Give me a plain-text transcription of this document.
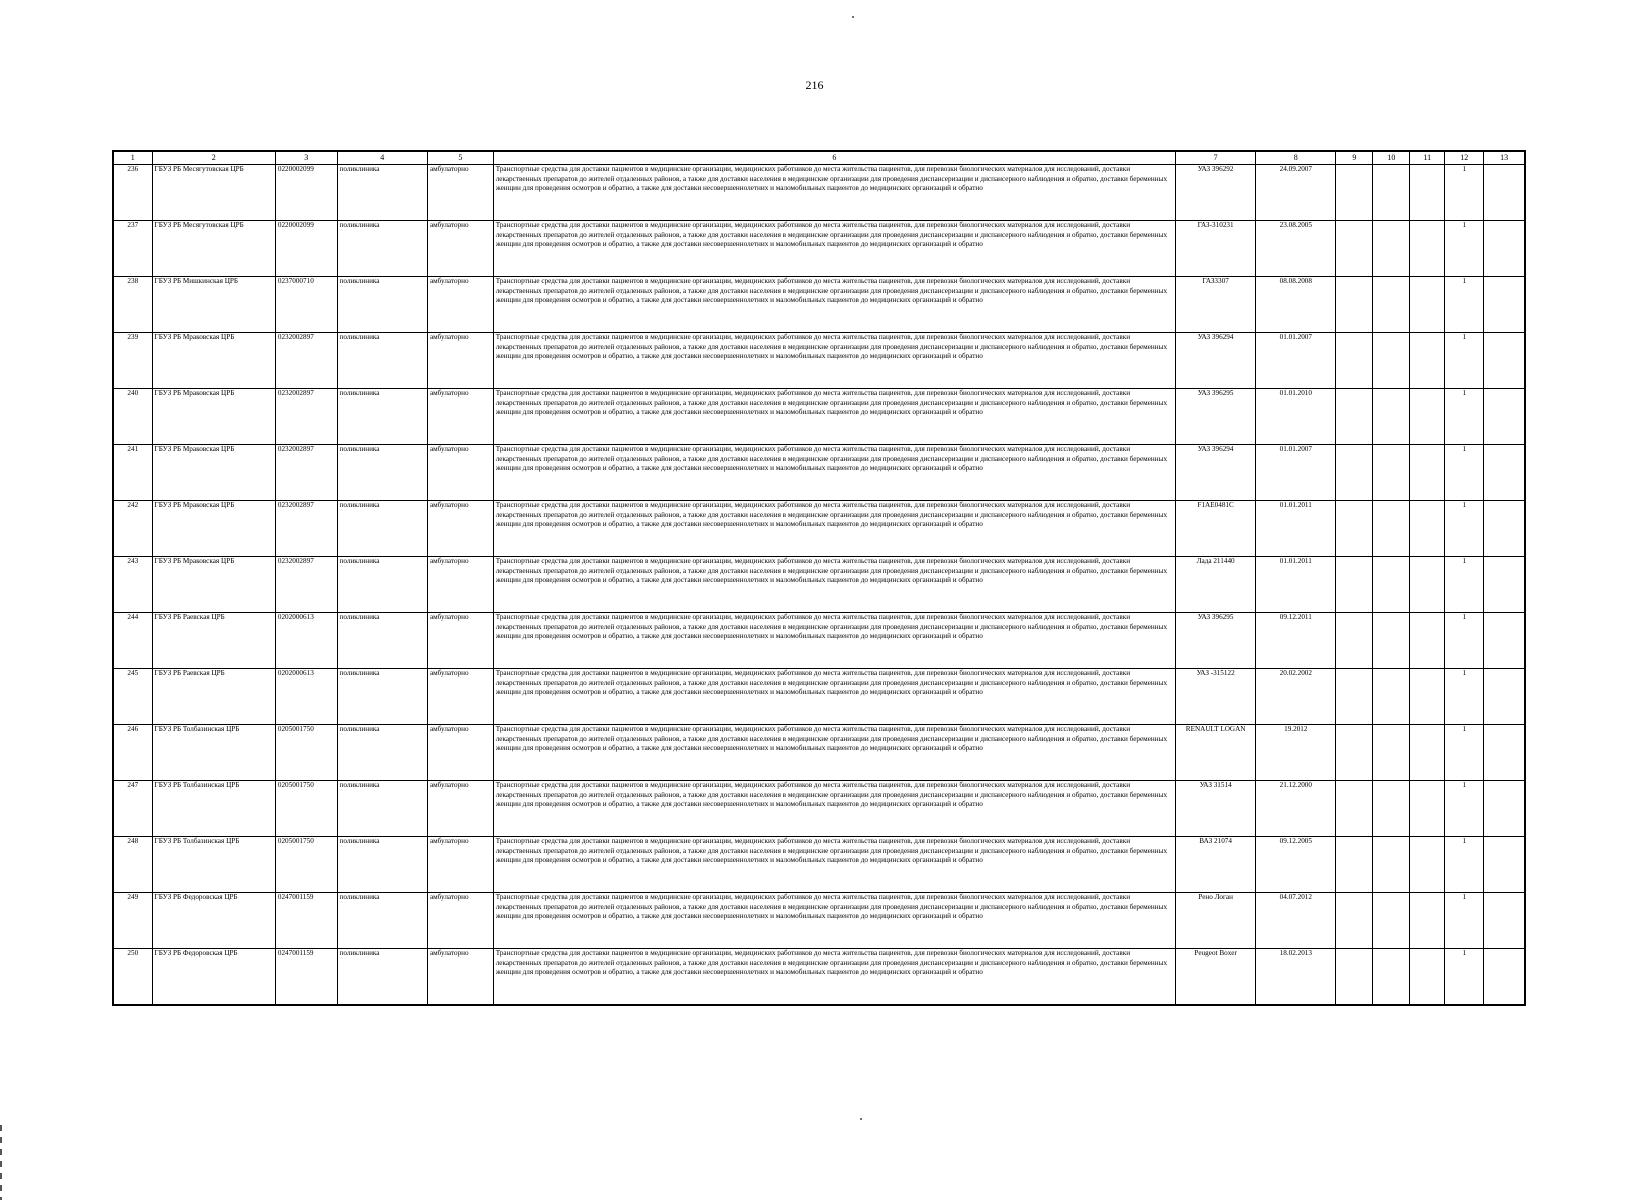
216
1	2	3	4	5	6	7	8	9	10	11	12	13
236	ГБУЗ РБ Месягутовская ЦРБ	0220002099	поликлиника	амбулаторно	Транспортные средства для доставки пациентов в медицинские организации, медицинских работников до места жительства пациентов, для перевозки биологических материалов для исследований, доставки лекарственных препаратов до жителей отдаленных районов, а также для доставки населения в медицинские организации для проведения диспансеризации и диспансерного наблюдения и обратно, доставки беременных женщин для проведения осмотров и обратно, а также для доставки несовершеннолетних и маломобильных пациентов до медицинских организаций и обратно	УАЗ 396292	24.09.2007				1	
237	ГБУЗ РБ Месягутовская ЦРБ	0220002099	поликлиника	амбулаторно	Транспортные средства для доставки пациентов в медицинские организации, медицинских работников до места жительства пациентов, для перевозки биологических материалов для исследований, доставки лекарственных препаратов до жителей отдаленных районов, а также для доставки населения в медицинские организации для проведения диспансеризации и диспансерного наблюдения и обратно, доставки беременных женщин для проведения осмотров и обратно, а также для доставки несовершеннолетних и маломобильных пациентов до медицинских организаций и обратно	ГАЗ-310231	23.08.2005				1	
238	ГБУЗ РБ Мишкинская ЦРБ	0237000710	поликлиника	амбулаторно	Транспортные средства для доставки пациентов в медицинские организации, медицинских работников до места жительства пациентов, для перевозки биологических материалов для исследований, доставки лекарственных препаратов до жителей отдаленных районов, а также для доставки населения в медицинские организации для проведения диспансеризации и диспансерного наблюдения и обратно, доставки беременных женщин для проведения осмотров и обратно, а также для доставки несовершеннолетних и маломобильных пациентов до медицинских организаций и обратно	ГАЗ3307	08.08.2008				1	
239	ГБУЗ РБ Мраковская ЦРБ	0232002897	поликлиника	амбулаторно	Транспортные средства для доставки пациентов в медицинские организации, медицинских работников до места жительства пациентов, для перевозки биологических материалов для исследований, доставки лекарственных препаратов до жителей отдаленных районов, а также для доставки населения в медицинские организации для проведения диспансеризации и диспансерного наблюдения и обратно, доставки беременных женщин для проведения осмотров и обратно, а также для доставки несовершеннолетних и маломобильных пациентов до медицинских организаций и обратно	УАЗ 396294	01.01.2007				1	
240	ГБУЗ РБ Мраковская ЦРБ	0232002897	поликлиника	амбулаторно	Транспортные средства для доставки пациентов в медицинские организации, медицинских работников до места жительства пациентов, для перевозки биологических материалов для исследований, доставки лекарственных препаратов до жителей отдаленных районов, а также для доставки населения в медицинские организации для проведения диспансеризации и диспансерного наблюдения и обратно, доставки беременных женщин для проведения осмотров и обратно, а также для доставки несовершеннолетних и маломобильных пациентов до медицинских организаций и обратно	УАЗ 396295	01.01.2010				1	
241	ГБУЗ РБ Мраковская ЦРБ	0232002897	поликлиника	амбулаторно	Транспортные средства для доставки пациентов в медицинские организации, медицинских работников до места жительства пациентов, для перевозки биологических материалов для исследований, доставки лекарственных препаратов до жителей отдаленных районов, а также для доставки населения в медицинские организации для проведения диспансеризации и диспансерного наблюдения и обратно, доставки беременных женщин для проведения осмотров и обратно, а также для доставки несовершеннолетних и маломобильных пациентов до медицинских организаций и обратно	УАЗ 396294	01.01.2007				1	
242	ГБУЗ РБ Мраковская ЦРБ	0232002897	поликлиника	амбулаторно	Транспортные средства для доставки пациентов в медицинские организации, медицинских работников до места жительства пациентов, для перевозки биологических материалов для исследований, доставки лекарственных препаратов до жителей отдаленных районов, а также для доставки населения в медицинские организации для проведения диспансеризации и диспансерного наблюдения и обратно, доставки беременных женщин для проведения осмотров и обратно, а также для доставки несовершеннолетних и маломобильных пациентов до медицинских организаций и обратно	F1AE0481C	01.01.2011				1	
243	ГБУЗ РБ Мраковская ЦРБ	0232002897	поликлиника	амбулаторно	Транспортные средства для доставки пациентов в медицинские организации, медицинских работников до места жительства пациентов, для перевозки биологических материалов для исследований, доставки лекарственных препаратов до жителей отдаленных районов, а также для доставки населения в медицинские организации для проведения диспансеризации и диспансерного наблюдения и обратно, доставки беременных женщин для проведения осмотров и обратно, а также для доставки несовершеннолетних и маломобильных пациентов до медицинских организаций и обратно	Лада 211440	01.01.2011				1	
244	ГБУЗ РБ Раевская ЦРБ	0202000613	поликлиника	амбулаторно	Транспортные средства для доставки пациентов в медицинские организации, медицинских работников до места жительства пациентов, для перевозки биологических материалов для исследований, доставки лекарственных препаратов до жителей отдаленных районов, а также для доставки населения в медицинские организации для проведения диспансеризации и диспансерного наблюдения и обратно, доставки беременных женщин для проведения осмотров и обратно, а также для доставки несовершеннолетних и маломобильных пациентов до медицинских организаций и обратно	УАЗ 396295	09.12.2011				1	
245	ГБУЗ РБ Раевская ЦРБ	0202000613	поликлиника	амбулаторно	Транспортные средства для доставки пациентов в медицинские организации, медицинских работников до места жительства пациентов, для перевозки биологических материалов для исследований, доставки лекарственных препаратов до жителей отдаленных районов, а также для доставки населения в медицинские организации для проведения диспансеризации и диспансерного наблюдения и обратно, доставки беременных женщин для проведения осмотров и обратно, а также для доставки несовершеннолетних и маломобильных пациентов до медицинских организаций и обратно	УАЗ -315122	20.02.2002				1	
246	ГБУЗ РБ Толбазинская ЦРБ	0205001750	поликлиника	амбулаторно	Транспортные средства для доставки пациентов в медицинские организации, медицинских работников до места жительства пациентов, для перевозки биологических материалов для исследований, доставки лекарственных препаратов до жителей отдаленных районов, а также для доставки населения в медицинские организации для проведения диспансеризации и диспансерного наблюдения и обратно, доставки беременных женщин для проведения осмотров и обратно, а также для доставки несовершеннолетних и маломобильных пациентов до медицинских организаций и обратно	RENAULT LOGAN	19.2012				1	
247	ГБУЗ РБ Толбазинская ЦРБ	0205001750	поликлиника	амбулаторно	Транспортные средства для доставки пациентов в медицинские организации, медицинских работников до места жительства пациентов, для перевозки биологических материалов для исследований, доставки лекарственных препаратов до жителей отдаленных районов, а также для доставки населения в медицинские организации для проведения диспансеризации и диспансерного наблюдения и обратно, доставки беременных женщин для проведения осмотров и обратно, а также для доставки несовершеннолетних и маломобильных пациентов до медицинских организаций и обратно	УАЗ 31514	21.12.2000				1	
248	ГБУЗ РБ Толбазинская ЦРБ	0205001750	поликлиника	амбулаторно	Транспортные средства для доставки пациентов в медицинские организации, медицинских работников до места жительства пациентов, для перевозки биологических материалов для исследований, доставки лекарственных препаратов до жителей отдаленных районов, а также для доставки населения в медицинские организации для проведения диспансеризации и диспансерного наблюдения и обратно, доставки беременных женщин для проведения осмотров и обратно, а также для доставки несовершеннолетних и маломобильных пациентов до медицинских организаций и обратно	ВАЗ 21074	09.12.2005				1	
249	ГБУЗ РБ Федоровская ЦРБ	0247001159	поликлиника	амбулаторно	Транспортные средства для доставки пациентов в медицинские организации, медицинских работников до места жительства пациентов, для перевозки биологических материалов для исследований, доставки лекарственных препаратов до жителей отдаленных районов, а также для доставки населения в медицинские организации для проведения диспансеризации и диспансерного наблюдения и обратно, доставки беременных женщин для проведения осмотров и обратно, а также для доставки несовершеннолетних и маломобильных пациентов до медицинских организаций и обратно	Рено Логан	04.07.2012				1	
250	ГБУЗ РБ Федоровская ЦРБ	0247001159	поликлиника	амбулаторно	Транспортные средства для доставки пациентов в медицинские организации, медицинских работников до места жительства пациентов, для перевозки биологических материалов для исследований, доставки лекарственных препаратов до жителей отдаленных районов, а также для доставки населения в медицинские организации для проведения диспансеризации и диспансерного наблюдения и обратно, доставки беременных женщин для проведения осмотров и обратно, а также для доставки несовершеннолетних и маломобильных пациентов до медицинских организаций и обратно	Peugeot Boxer	18.02.2013				1	
